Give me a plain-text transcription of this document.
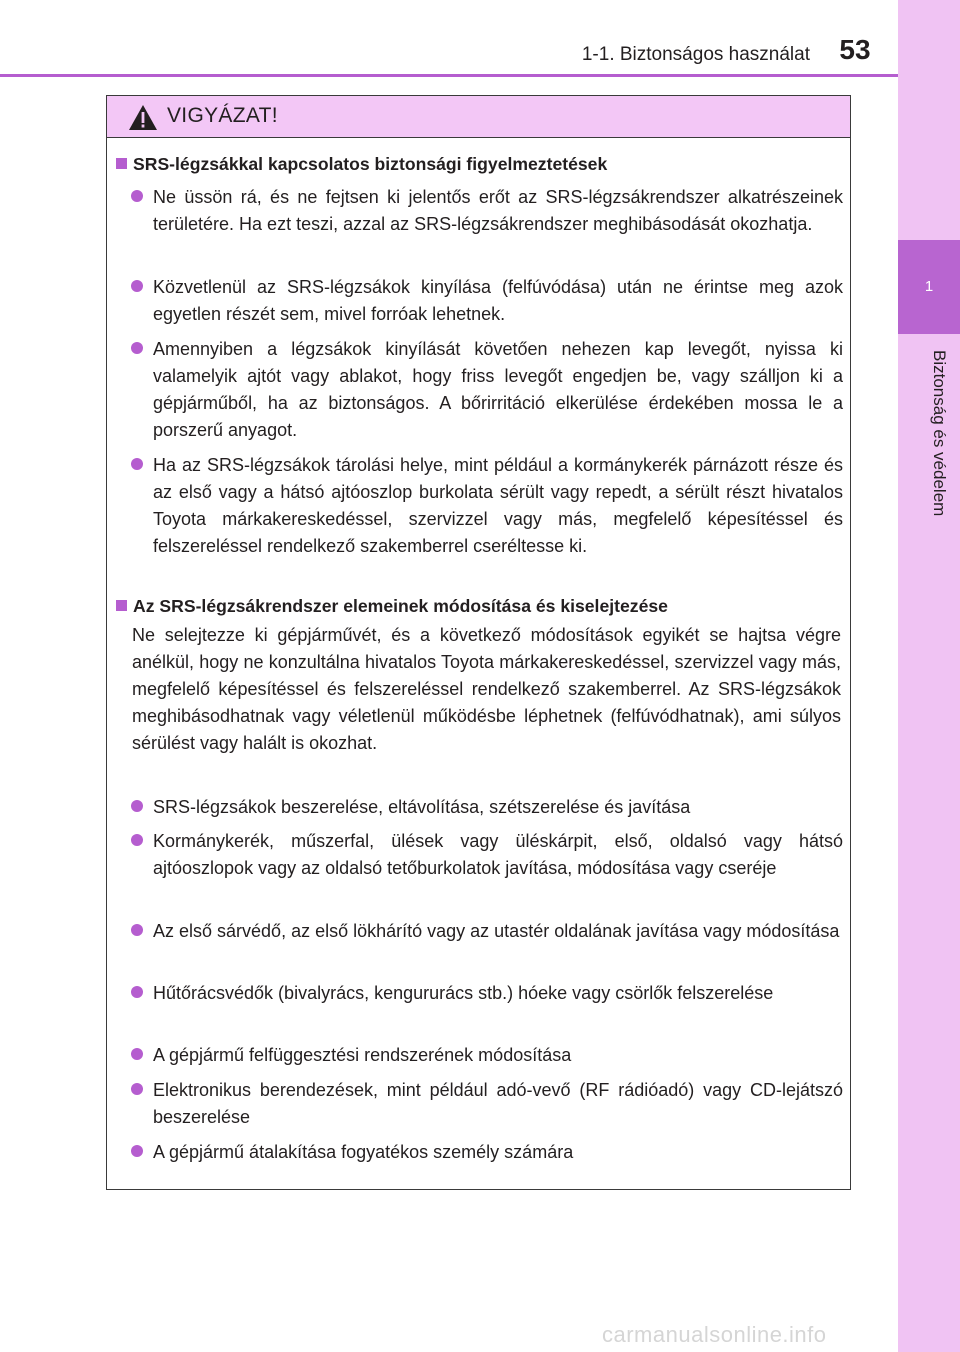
1-1. Biztonságos használat	53
1
Biztonság és védelem
VIGYÁZAT!
SRS-légzsákkal kapcsolatos biztonsági figyelmeztetések
Ne üssön rá, és ne fejtsen ki jelentős erőt az SRS-légzsákrendszer alkatrészeinek területére. Ha ezt teszi, azzal az SRS-légzsákrendszer meghibásodását okozhatja.
Közvetlenül az SRS-légzsákok kinyílása (felfúvódása) után ne érintse meg azok egyetlen részét sem, mivel forróak lehetnek.
Amennyiben a légzsákok kinyílását követően nehezen kap levegőt, nyissa ki valamelyik ajtót vagy ablakot, hogy friss levegőt engedjen be, vagy szálljon ki a gépjárműből, ha az biztonságos. A bőrirritáció elkerülése érdekében mossa le a porszerű anyagot.
Ha az SRS-légzsákok tárolási helye, mint például a kormánykerék párnázott része és az első vagy a hátsó ajtóoszlop burkolata sérült vagy repedt, a sérült részt hivatalos Toyota márkakereskedéssel, szervizzel vagy más, megfelelő képesítéssel és felszereléssel rendelkező szakemberrel cseréltesse ki.
Az SRS-légzsákrendszer elemeinek módosítása és kiselejtezése
Ne selejtezze ki gépjárművét, és a következő módosítások egyikét se hajtsa végre anélkül, hogy ne konzultálna hivatalos Toyota márkakereskedéssel, szervizzel vagy más, megfelelő képesítéssel és felszereléssel rendelkező szakemberrel. Az SRS-légzsákok meghibásodhatnak vagy véletlenül működésbe léphetnek (felfúvódhatnak), ami súlyos sérülést vagy halált is okozhat.
SRS-légzsákok beszerelése, eltávolítása, szétszerelése és javítása
Kormánykerék, műszerfal, ülések vagy üléskárpit, első, oldalsó vagy hátsó ajtóoszlopok vagy az oldalsó tetőburkolatok javítása, módosítása vagy cseréje
Az első sárvédő, az első lökhárító vagy az utastér oldalának javítása vagy módosítása
Hűtőrácsvédők (bivalyrács, kengururács stb.) hóeke vagy csörlők felszerelése
A gépjármű felfüggesztési rendszerének módosítása
Elektronikus berendezések, mint például adó-vevő (RF rádióadó) vagy CD-lejátszó beszerelése
A gépjármű átalakítása fogyatékos személy számára
carmanualsonline.info
